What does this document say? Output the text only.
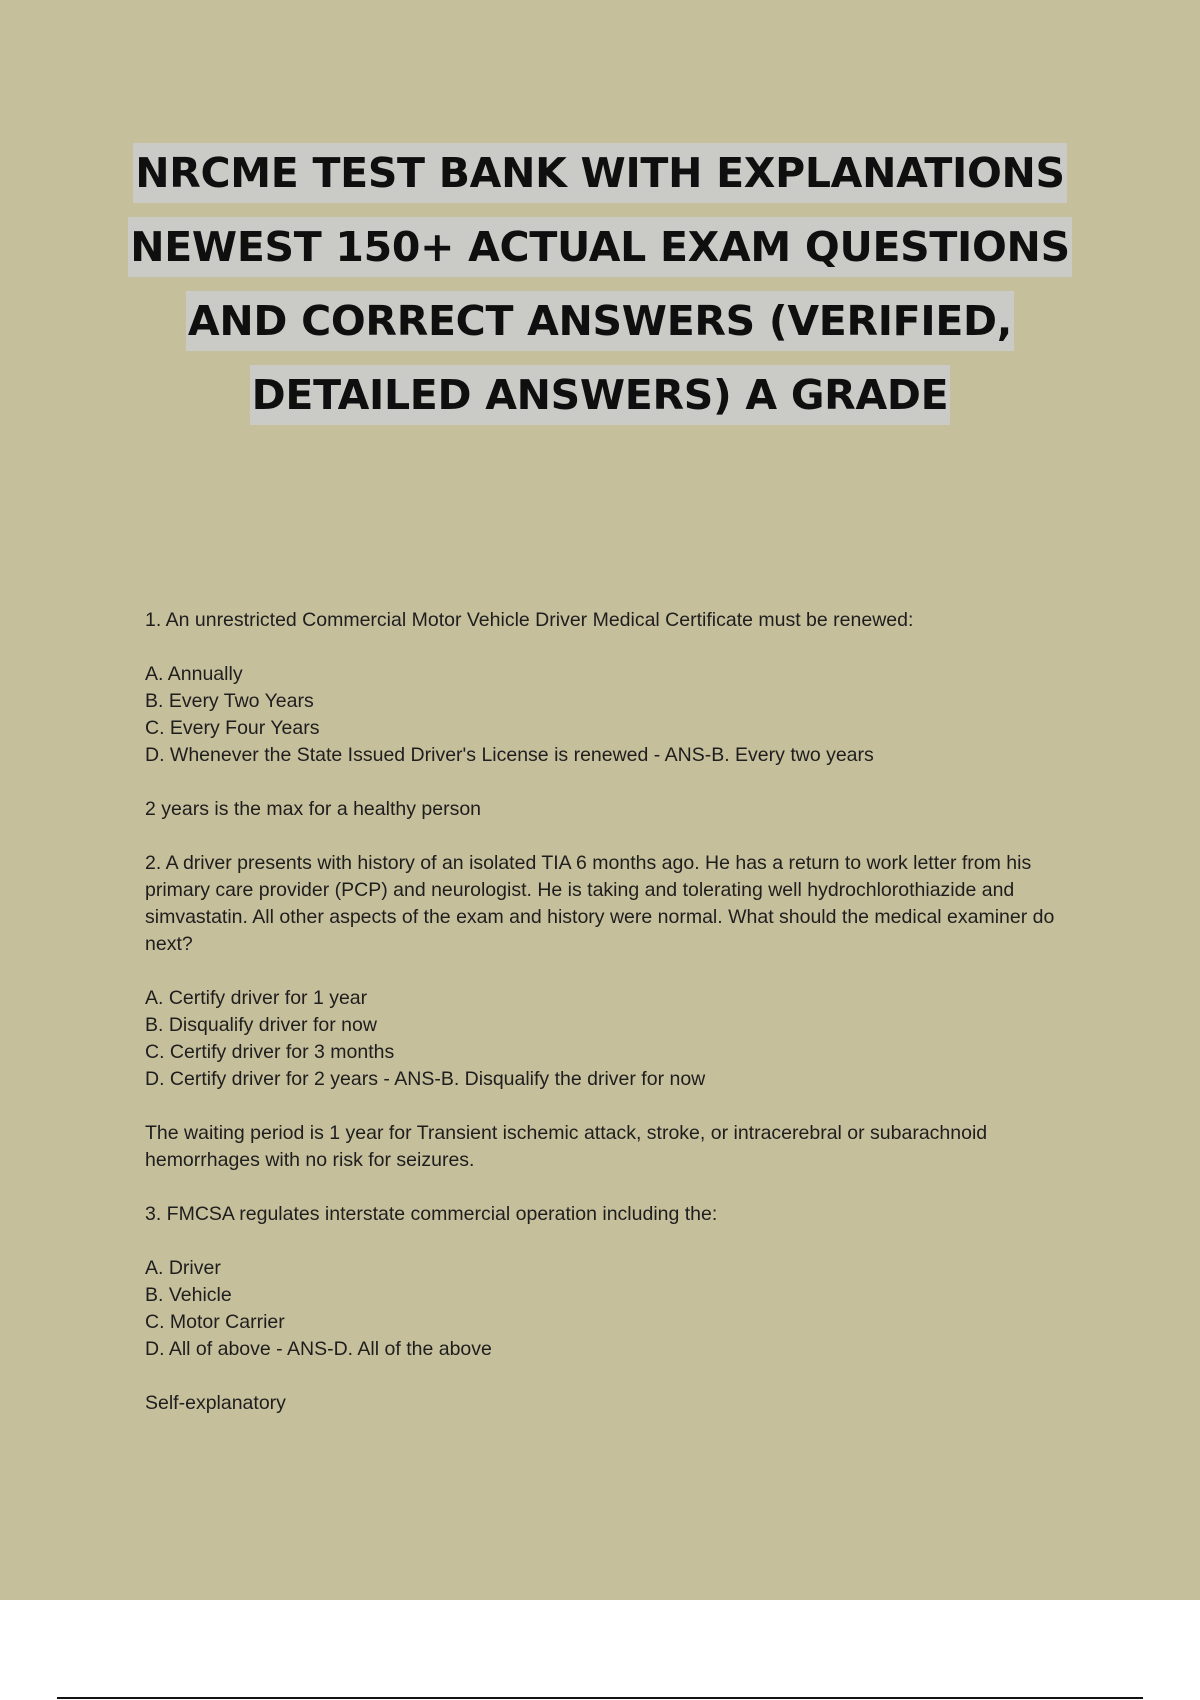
NRCME TEST BANK WITH EXPLANATIONS
NEWEST 150+ ACTUAL EXAM QUESTIONS
AND CORRECT ANSWERS (VERIFIED,
DETAILED ANSWERS) A GRADE

1. An unrestricted Commercial Motor Vehicle Driver Medical Certificate must be renewed:

A. Annually
B. Every Two Years
C. Every Four Years
D. Whenever the State Issued Driver's License is renewed - ANS-B. Every two years

2 years is the max for a healthy person

2. A driver presents with history of an isolated TIA 6 months ago. He has a return to work letter from his primary care provider (PCP) and neurologist. He is taking and tolerating well hydrochlorothiazide and simvastatin. All other aspects of the exam and history were normal. What should the medical examiner do next?

A. Certify driver for 1 year
B. Disqualify driver for now
C. Certify driver for 3 months
D. Certify driver for 2 years - ANS-B. Disqualify the driver for now

The waiting period is 1 year for Transient ischemic attack, stroke, or intracerebral or subarachnoid hemorrhages with no risk for seizures.

3. FMCSA regulates interstate commercial operation including the:

A. Driver
B. Vehicle
C. Motor Carrier
D. All of above - ANS-D. All of the above

Self-explanatory
